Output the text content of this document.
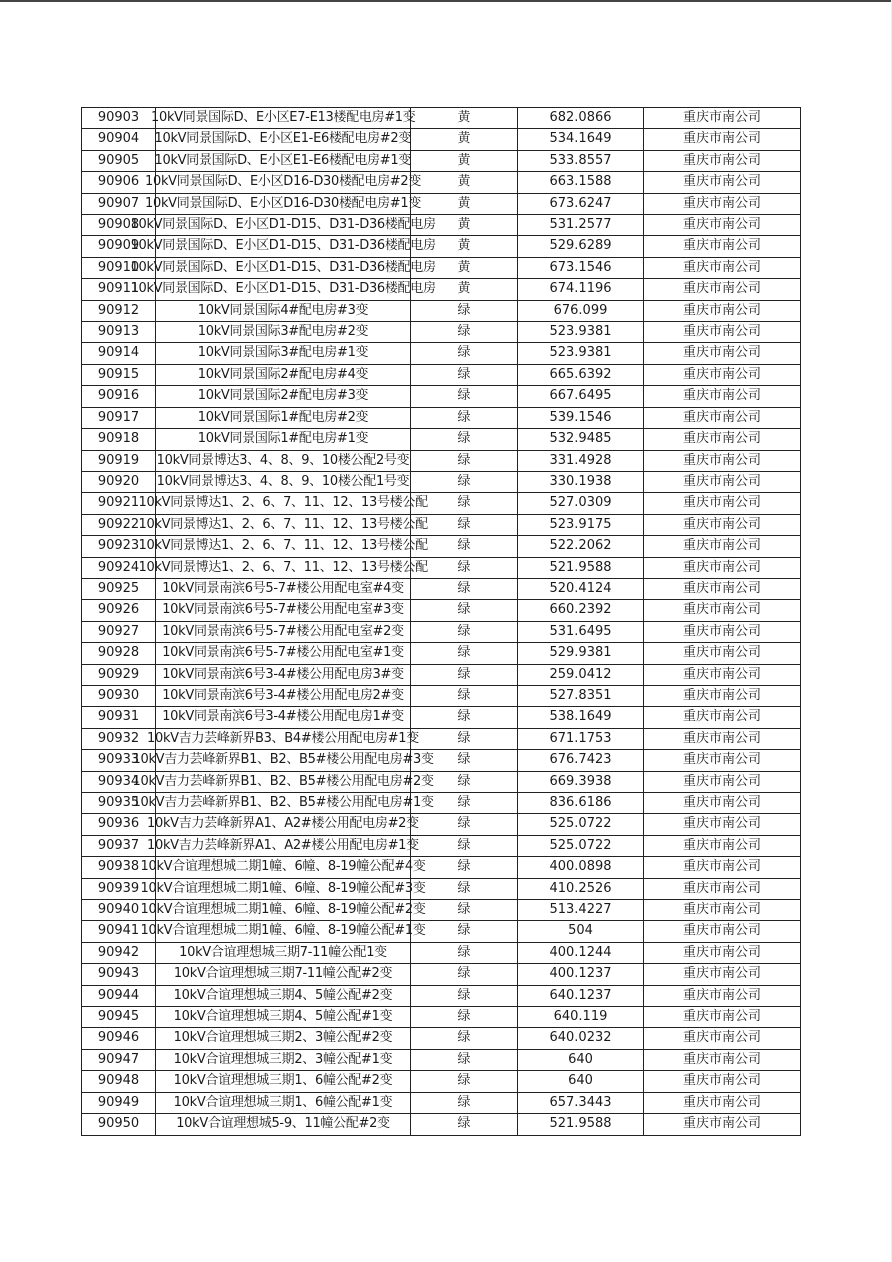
90903	10kV同景国际D、E小区E7-E13楼配电房#1变	黄	682.0866	重庆市南公司
90904	10kV同景国际D、E小区E1-E6楼配电房#2变	黄	534.1649	重庆市南公司
90905	10kV同景国际D、E小区E1-E6楼配电房#1变	黄	533.8557	重庆市南公司
90906	10kV同景国际D、E小区D16-D30楼配电房#2变	黄	663.1588	重庆市南公司
90907	10kV同景国际D、E小区D16-D30楼配电房#1变	黄	673.6247	重庆市南公司
90908	10kV同景国际D、E小区D1-D15、D31-D36楼配电房	黄	531.2577	重庆市南公司
90909	10kV同景国际D、E小区D1-D15、D31-D36楼配电房	黄	529.6289	重庆市南公司
90910	10kV同景国际D、E小区D1-D15、D31-D36楼配电房	黄	673.1546	重庆市南公司
90911	10kV同景国际D、E小区D1-D15、D31-D36楼配电房	黄	674.1196	重庆市南公司
90912	10kV同景国际4#配电房#3变	绿	676.099	重庆市南公司
90913	10kV同景国际3#配电房#2变	绿	523.9381	重庆市南公司
90914	10kV同景国际3#配电房#1变	绿	523.9381	重庆市南公司
90915	10kV同景国际2#配电房#4变	绿	665.6392	重庆市南公司
90916	10kV同景国际2#配电房#3变	绿	667.6495	重庆市南公司
90917	10kV同景国际1#配电房#2变	绿	539.1546	重庆市南公司
90918	10kV同景国际1#配电房#1变	绿	532.9485	重庆市南公司
90919	10kV同景博达3、4、8、9、10楼公配2号变	绿	331.4928	重庆市南公司
90920	10kV同景博达3、4、8、9、10楼公配1号变	绿	330.1938	重庆市南公司
90921	10kV同景博达1、2、6、7、11、12、13号楼公配	绿	527.0309	重庆市南公司
90922	10kV同景博达1、2、6、7、11、12、13号楼公配	绿	523.9175	重庆市南公司
90923	10kV同景博达1、2、6、7、11、12、13号楼公配	绿	522.2062	重庆市南公司
90924	10kV同景博达1、2、6、7、11、12、13号楼公配	绿	521.9588	重庆市南公司
90925	10kV同景南滨6号5-7#楼公用配电室#4变	绿	520.4124	重庆市南公司
90926	10kV同景南滨6号5-7#楼公用配电室#3变	绿	660.2392	重庆市南公司
90927	10kV同景南滨6号5-7#楼公用配电室#2变	绿	531.6495	重庆市南公司
90928	10kV同景南滨6号5-7#楼公用配电室#1变	绿	529.9381	重庆市南公司
90929	10kV同景南滨6号3-4#楼公用配电房3#变	绿	259.0412	重庆市南公司
90930	10kV同景南滨6号3-4#楼公用配电房2#变	绿	527.8351	重庆市南公司
90931	10kV同景南滨6号3-4#楼公用配电房1#变	绿	538.1649	重庆市南公司
90932	10kV吉力芸峰新界B3、B4#楼公用配电房#1变	绿	671.1753	重庆市南公司
90933	10kV吉力芸峰新界B1、B2、B5#楼公用配电房#3变	绿	676.7423	重庆市南公司
90934	10kV吉力芸峰新界B1、B2、B5#楼公用配电房#2变	绿	669.3938	重庆市南公司
90935	10kV吉力芸峰新界B1、B2、B5#楼公用配电房#1变	绿	836.6186	重庆市南公司
90936	10kV吉力芸峰新界A1、A2#楼公用配电房#2变	绿	525.0722	重庆市南公司
90937	10kV吉力芸峰新界A1、A2#楼公用配电房#1变	绿	525.0722	重庆市南公司
90938	10kV合谊理想城二期1幢、6幢、8-19幢公配#4变	绿	400.0898	重庆市南公司
90939	10kV合谊理想城二期1幢、6幢、8-19幢公配#3变	绿	410.2526	重庆市南公司
90940	10kV合谊理想城二期1幢、6幢、8-19幢公配#2变	绿	513.4227	重庆市南公司
90941	10kV合谊理想城二期1幢、6幢、8-19幢公配#1变	绿	504	重庆市南公司
90942	10kV合谊理想城三期7-11幢公配1变	绿	400.1244	重庆市南公司
90943	10kV合谊理想城三期7-11幢公配#2变	绿	400.1237	重庆市南公司
90944	10kV合谊理想城三期4、5幢公配#2变	绿	640.1237	重庆市南公司
90945	10kV合谊理想城三期4、5幢公配#1变	绿	640.119	重庆市南公司
90946	10kV合谊理想城三期2、3幢公配#2变	绿	640.0232	重庆市南公司
90947	10kV合谊理想城三期2、3幢公配#1变	绿	640	重庆市南公司
90948	10kV合谊理想城三期1、6幢公配#2变	绿	640	重庆市南公司
90949	10kV合谊理想城三期1、6幢公配#1变	绿	657.3443	重庆市南公司
90950	10kV合谊理想城5-9、11幢公配#2变	绿	521.9588	重庆市南公司
